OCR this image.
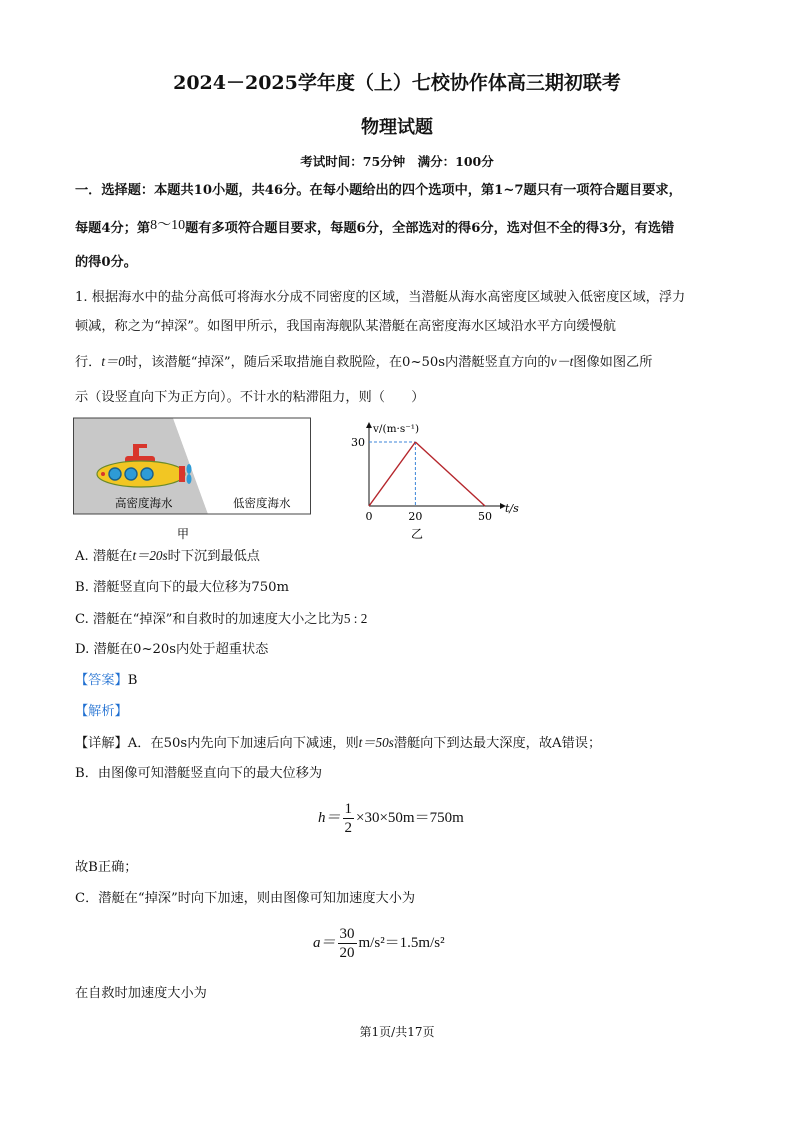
2024－2025学年度（上）七校协作体高三期初联考
物理试题
考试时间：75分钟　满分：100分
一．选择题：本题共10小题，共46分。在每小题给出的四个选项中，第1~7题只有一项符合题目要求，
每题4分；第8～10题有多项符合题目要求，每题6分，全部选对的得6分，选对但不全的得3分，有选错
的得0分。
1. 根据海水中的盐分高低可将海水分成不同密度的区域，当潜艇从海水高密度区域驶入低密度区域，浮力
顿减，称之为“掉深”。如图甲所示，我国南海舰队某潜艇在高密度海水区域沿水平方向缓慢航
行．t＝0时，该潜艇“掉深”，随后采取措施自救脱险，在0~50s内潜艇竖直方向的v－t图像如图乙所
示（设竖直向下为正方向）。不计水的粘滞阻力，则（　　）
高密度海水	低密度海水
甲
0	20	50
30
v/(m·s⁻¹)
t/s
乙
A. 潜艇在t＝20s时下沉到最低点
B. 潜艇竖直向下的最大位移为750m
C. 潜艇在“掉深”和自救时的加速度大小之比为5 : 2
D. 潜艇在0~20s内处于超重状态
【答案】B
【解析】
【详解】A．在50s内先向下加速后向下减速，则t＝50s潜艇向下到达最大深度，故A错误；
B．由图像可知潜艇竖直向下的最大位移为
$h= \frac{1}{2} \times 30\times 50m=750m$
故B正确；
C．潜艇在“掉深”时向下加速，则由图像可知加速度大小为
$a= \frac{30}{20} m/s^2=1.5m/s^2$
在自救时加速度大小为
第1页/共17页
